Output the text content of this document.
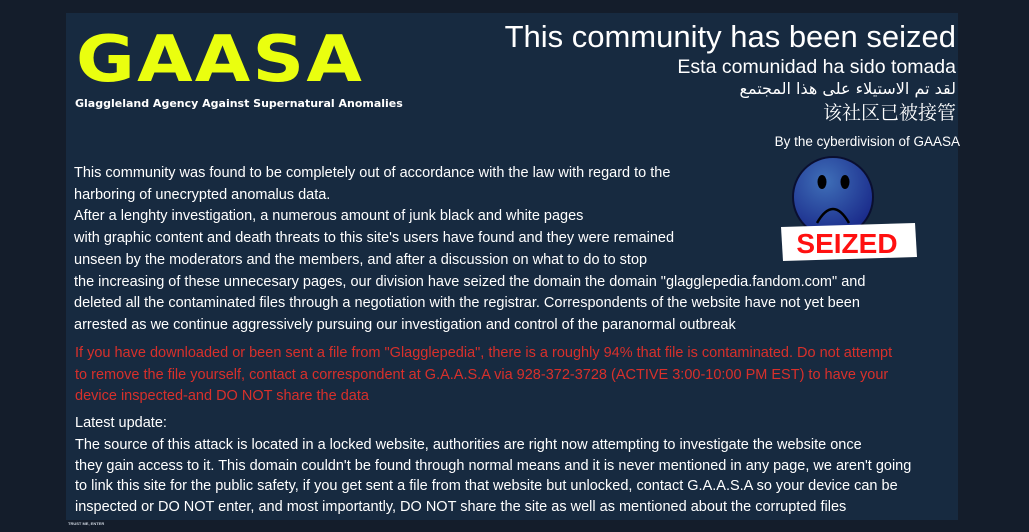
GAASA
Glaggleland Agency Against Supernatural Anomalies
This community has been seized
Esta comunidad ha sido tomada
لقد تم الاستيلاء على هذا المجتمع
该社区已被接管
By the cyberdivision of GAASA
SEIZED
This community was found to be completely out of accordance with the law with regard to the
harboring of unecrypted anomalus data.
After a lenghty investigation, a numerous amount of junk black and white pages
with graphic content and death threats to this site's users have found and they were remained
unseen by the moderators and the members, and after a discussion on what to do to stop
the increasing of these unnecesary pages, our division have seized the domain the domain "glagglepedia.fandom.com" and
deleted all the contaminated files through a negotiation with the registrar. Correspondents of the website have not yet been
arrested as we continue aggressively pursuing our investigation and control of the paranormal outbreak
If you have downloaded or been sent a file from "Glagglepedia", there is a roughly 94% that file is contaminated. Do not attempt
to remove the file yourself, contact a correspondent at G.A.A.S.A via 928-372-3728 (ACTIVE 3:00-10:00 PM EST) to have your
device inspected-and DO NOT share the data
Latest update:
The source of this attack is located in a locked website, authorities are right now attempting to investigate the website once
they gain access to it. This domain couldn't be found through normal means and it is never mentioned in any page, we aren't going
to link this site for the public safety, if you get sent a file from that website but unlocked, contact G.A.A.S.A so your device can be
inspected or DO NOT enter, and most importantly, DO NOT share the site as well as mentioned about the corrupted files
TRUST ME, ENTER
